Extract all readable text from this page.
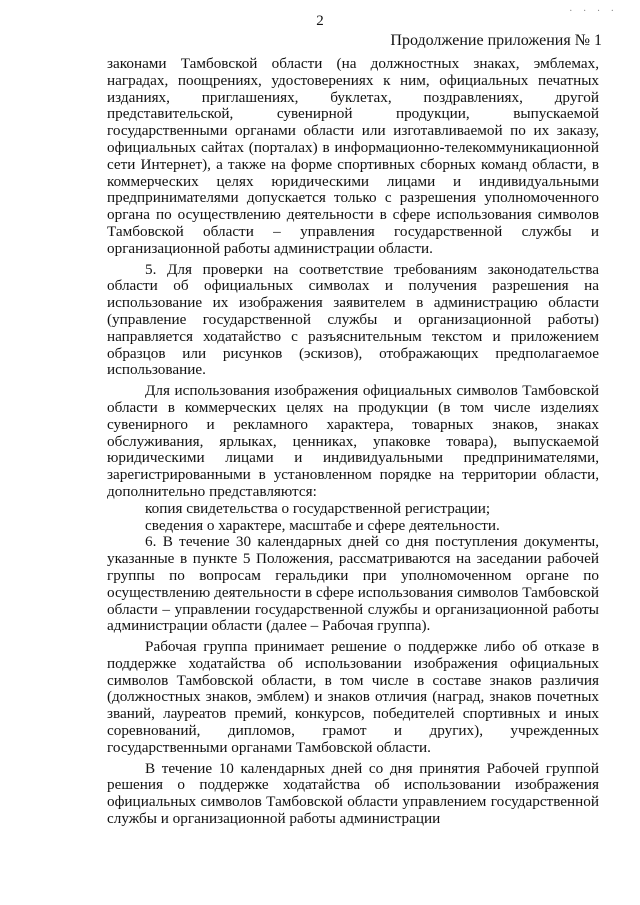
· · · ·
2
Продолжение приложения № 1

законами Тамбовской области (на должностных знаках, эмблемах, наградах, поощрениях, удостоверениях к ним, официальных печатных изданиях, приглашениях, буклетах, поздравлениях, другой представительской, сувенирной продукции, выпускаемой государственными органами области или изготавливаемой по их заказу, официальных сайтах (порталах) в информационно-телекоммуникационной сети Интернет), а также на форме спортивных сборных команд области, в коммерческих целях юридическими лицами и индивидуальными предпринимателями допускается только с разрешения уполномоченного органа по осуществлению деятельности в сфере использования символов Тамбовской области – управления государственной службы и организационной работы администрации области.

5. Для проверки на соответствие требованиям законодательства области об официальных символах и получения разрешения на использование их изображения заявителем в администрацию области (управление государственной службы и организационной работы) направляется ходатайство с разъяснительным текстом и приложением образцов или рисунков (эскизов), отображающих предполагаемое использование.

Для использования изображения официальных символов Тамбовской области в коммерческих целях на продукции (в том числе изделиях сувенирного и рекламного характера, товарных знаков, знаках обслуживания, ярлыках, ценниках, упаковке товара), выпускаемой юридическими лицами и индивидуальными предпринимателями, зарегистрированными в установленном порядке на территории области, дополнительно представляются:

копия свидетельства о государственной регистрации;

сведения о характере, масштабе и сфере деятельности.

6. В течение 30 календарных дней со дня поступления документы, указанные в пункте 5 Положения, рассматриваются на заседании рабочей группы по вопросам геральдики при уполномоченном органе по осуществлению деятельности в сфере использования символов Тамбовской области – управлении государственной службы и организационной работы администрации области (далее – Рабочая группа).

Рабочая группа принимает решение о поддержке либо об отказе в поддержке ходатайства об использовании изображения официальных символов Тамбовской области, в том числе в составе знаков различия (должностных знаков, эмблем) и знаков отличия (наград, знаков почетных званий, лауреатов премий, конкурсов, победителей спортивных и иных соревнований, дипломов, грамот и других), учрежденных государственными органами Тамбовской области.

В течение 10 календарных дней со дня принятия Рабочей группой решения о поддержке ходатайства об использовании изображения официальных символов Тамбовской области управлением государственной службы и организационной работы администрации
